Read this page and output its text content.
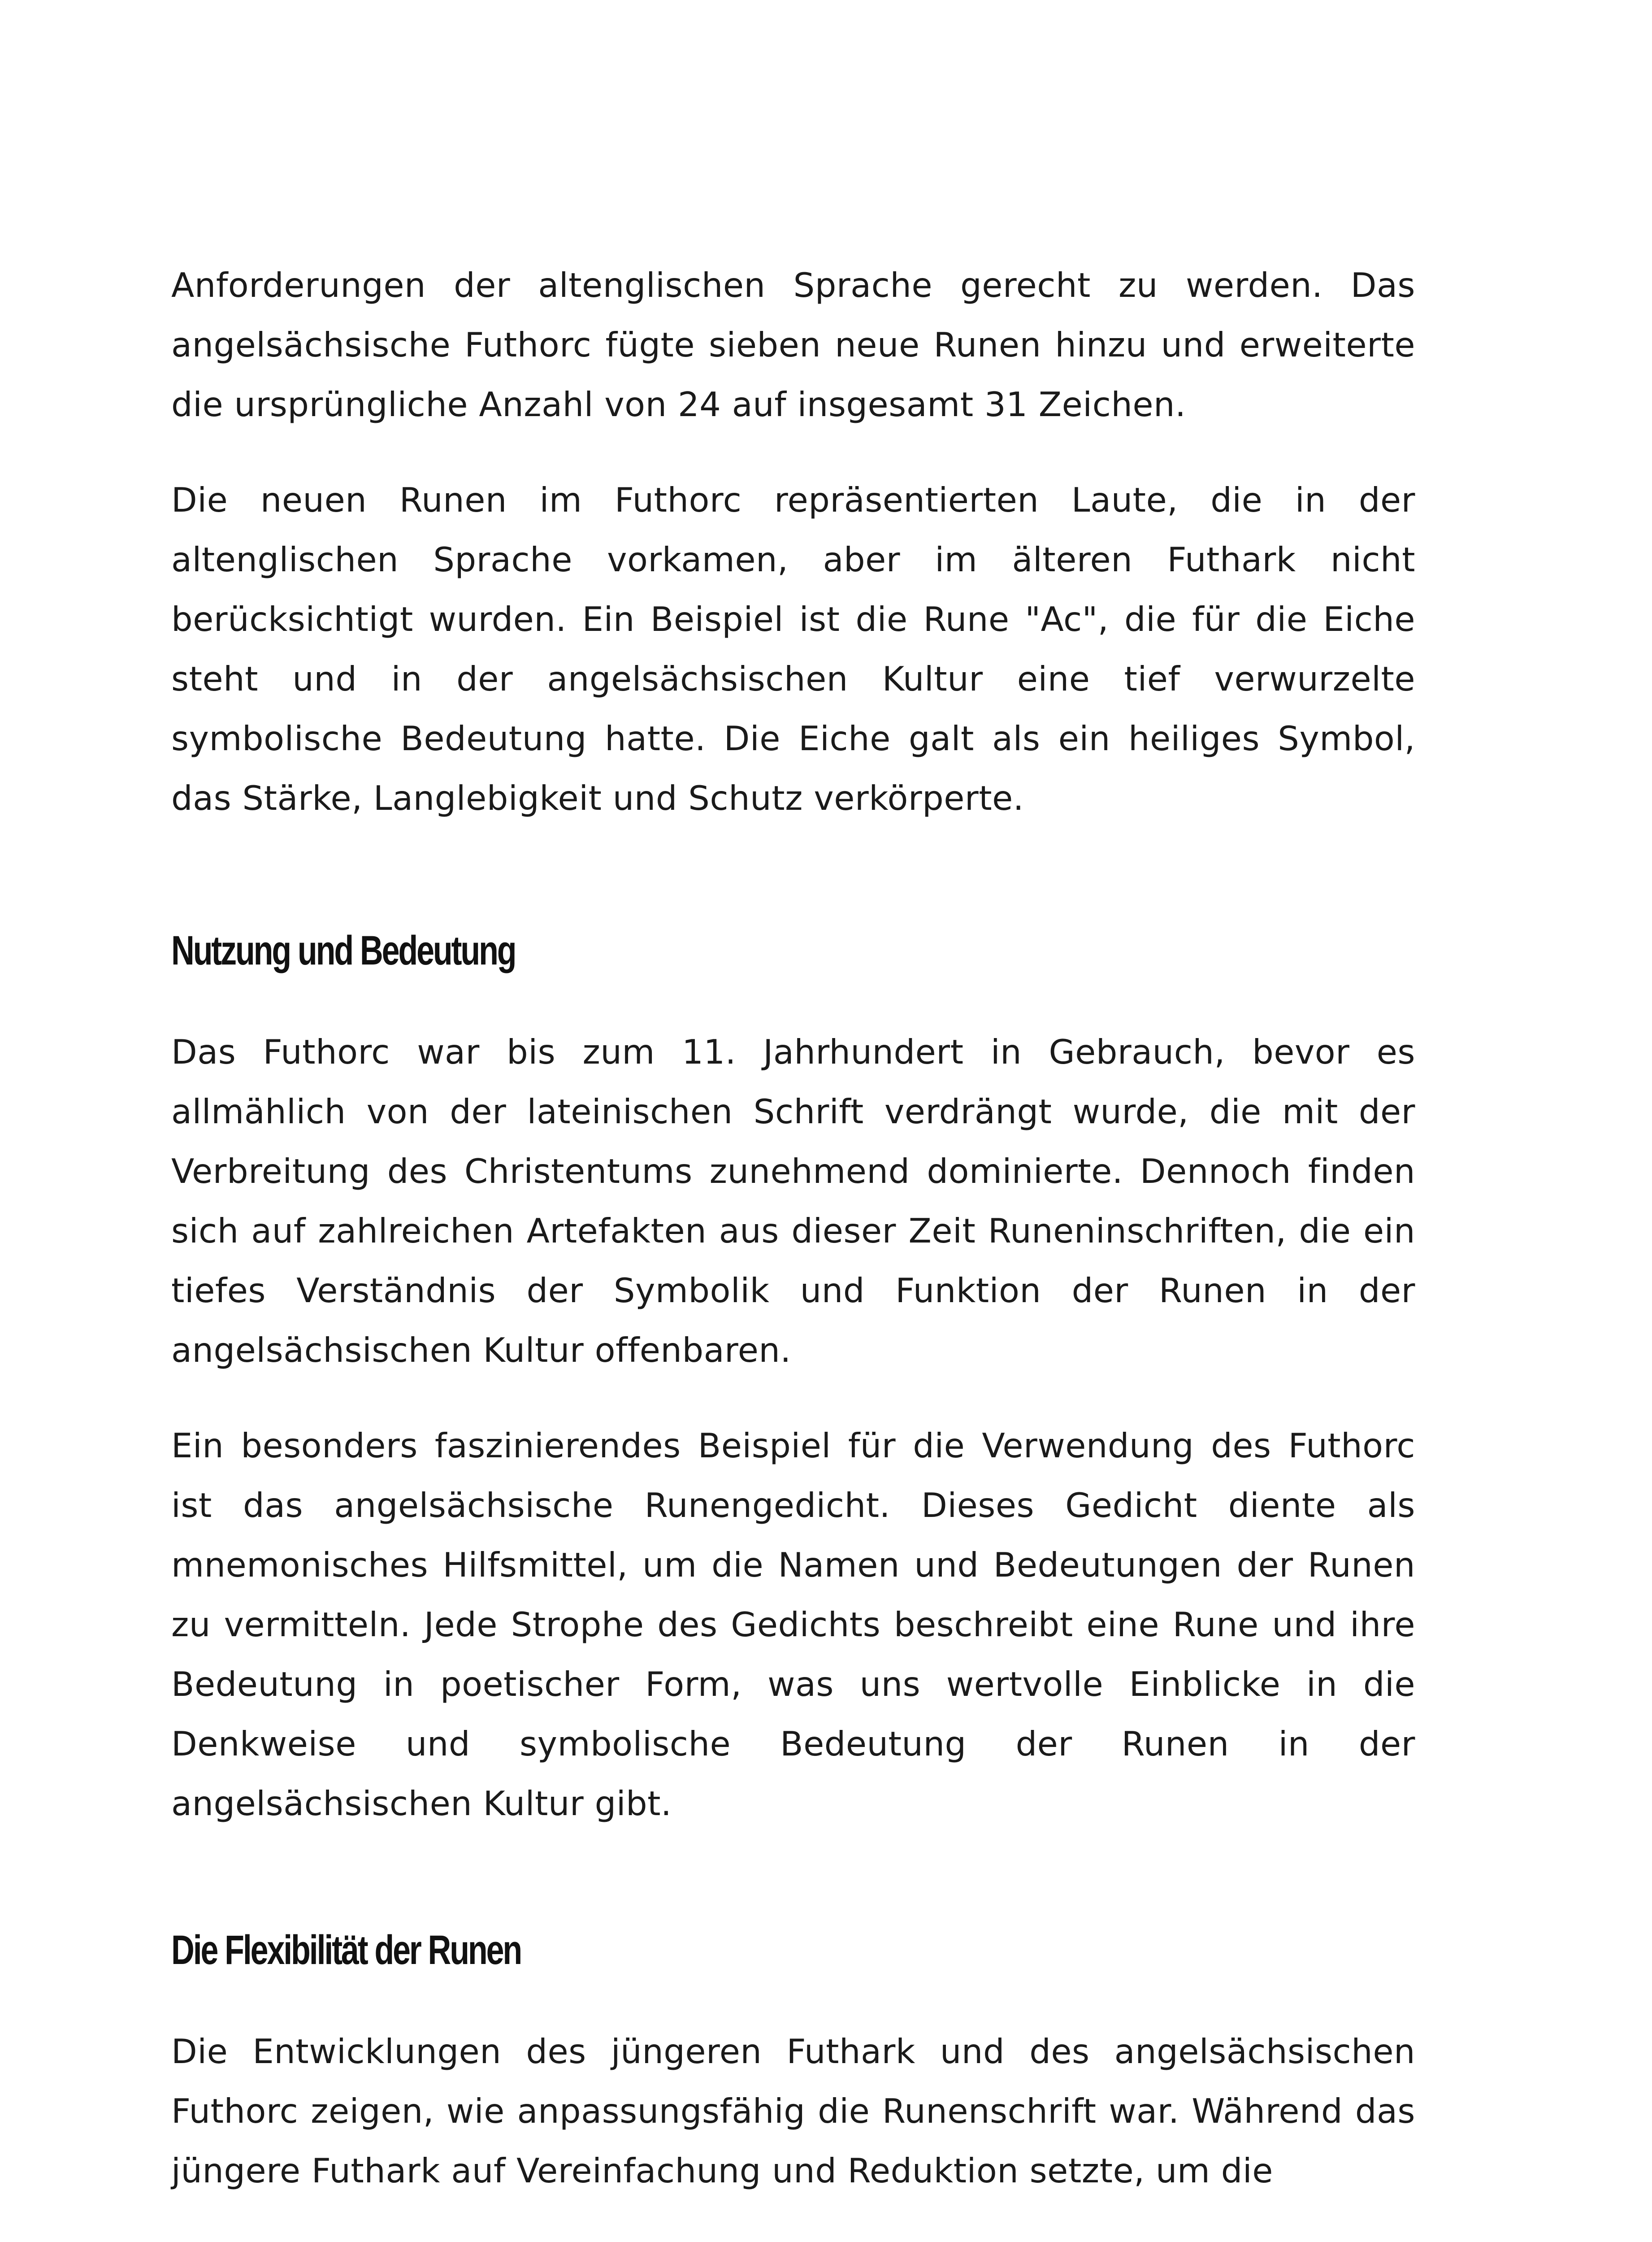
Anforderungen der altenglischen Sprache gerecht zu werden. Das angelsächsische Futhorc fügte sieben neue Runen hinzu und erweiterte die ursprüngliche Anzahl von 24 auf insgesamt 31 Zeichen.

Die neuen Runen im Futhorc repräsentierten Laute, die in der altenglischen Sprache vorkamen, aber im älteren Futhark nicht berücksichtigt wurden. Ein Beispiel ist die Rune "Ac", die für die Eiche steht und in der angelsächsischen Kultur eine tief verwurzelte symbolische Bedeutung hatte. Die Eiche galt als ein heiliges Symbol, das Stärke, Langlebigkeit und Schutz verkörperte.

Nutzung und Bedeutung

Das Futhorc war bis zum 11. Jahrhundert in Gebrauch, bevor es allmählich von der lateinischen Schrift verdrängt wurde, die mit der Verbreitung des Christentums zunehmend dominierte. Dennoch finden sich auf zahlreichen Artefakten aus dieser Zeit Runeninschriften, die ein tiefes Verständnis der Symbolik und Funktion der Runen in der angelsächsischen Kultur offenbaren.

Ein besonders faszinierendes Beispiel für die Verwendung des Futhorc ist das angelsächsische Runengedicht. Dieses Gedicht diente als mnemonisches Hilfsmittel, um die Namen und Bedeutungen der Runen zu vermitteln. Jede Strophe des Gedichts beschreibt eine Rune und ihre Bedeutung in poetischer Form, was uns wertvolle Einblicke in die Denkweise und symbolische Bedeutung der Runen in der angelsächsischen Kultur gibt.

Die Flexibilität der Runen

Die Entwicklungen des jüngeren Futhark und des angelsächsischen Futhorc zeigen, wie anpassungsfähig die Runenschrift war. Während das jüngere Futhark auf Vereinfachung und Reduktion setzte, um die
